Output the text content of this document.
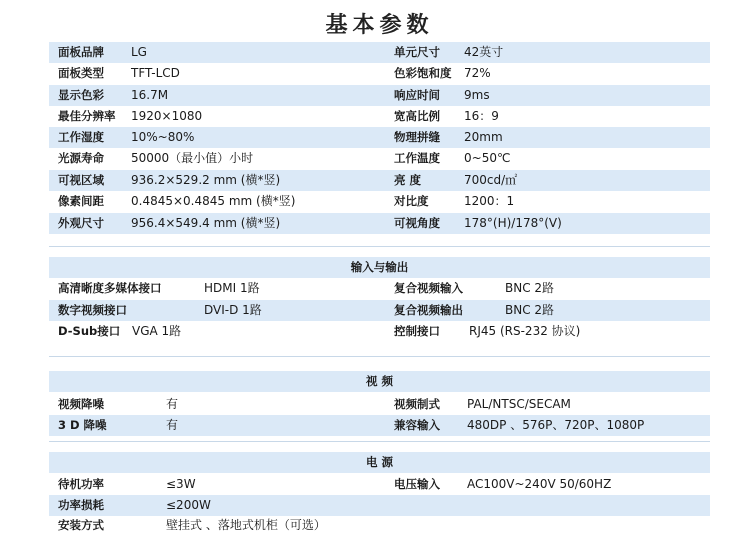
基本参数
面板品牌 LG	单元尺寸 42英寸
面板类型 TFT-LCD	色彩饱和度 72%
显示色彩 16.7M	响应时间 9ms
最佳分辨率 1920×1080	宽高比例 16：9
工作湿度 10%~80%	物理拼缝 20mm
光源寿命 50000（最小值）小时	工作温度 0~50℃
可视区域 936.2×529.2 mm (横*竖)	亮 度	700cd/㎡
像素间距 0.4845×0.4845 mm (横*竖)	对比度	1200：1
外观尺寸 956.4×549.4 mm (横*竖)	可视角度 178°(H)/178°(V)
输入与输出
高清晰度多媒体接口	HDMI 1路	复合视频输入	BNC 2路
数字视频接口	DVI-D 1路	复合视频输出	BNC 2路
D-Sub接口 VGA 1路	控制接口 RJ45 (RS-232 协议)
视 频
视频降噪	有	视频制式 PAL/NTSC/SECAM
3 D 降噪	有	兼容输入 480DP 、576P、720P、1080P
电 源
待机功率	≤3W	电压输入 AC100V~240V 50/60HZ
功率损耗	≤200W
安装方式	壁挂式 、落地式机柜（可选）
